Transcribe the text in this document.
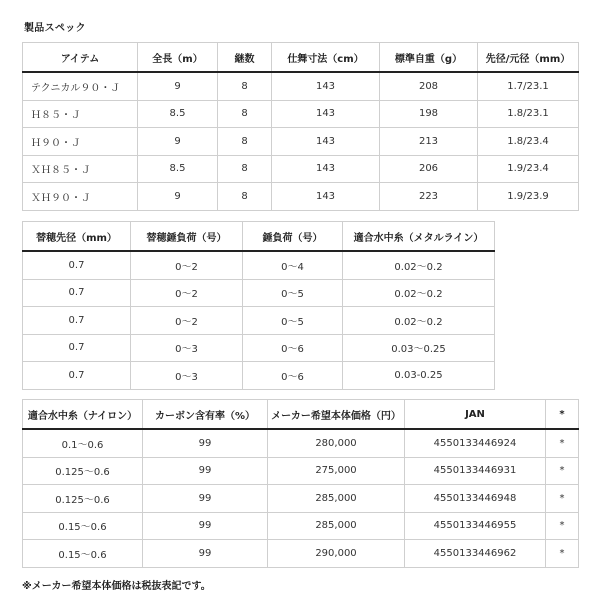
製品スペック
アイテム	全長（m）	継数	仕舞寸法（cm）	標準自重（g）	先径/元径（mm）
テクニカル９０・Ｊ	9	8	143	208	1.7/23.1
Ｈ８５・Ｊ	8.5	8	143	198	1.8/23.1
Ｈ９０・Ｊ	9	8	143	213	1.8/23.4
ＸＨ８５・Ｊ	8.5	8	143	206	1.9/23.4
ＸＨ９０・Ｊ	9	8	143	223	1.9/23.9
替穂先径（mm）	替穂錘負荷（号）	錘負荷（号）	適合水中糸（メタルライン）
0.7	0〜2	0〜4	0.02〜0.2
0.7	0〜2	0〜5	0.02〜0.2
0.7	0〜2	0〜5	0.02〜0.2
0.7	0〜3	0〜6	0.03〜0.25
0.7	0〜3	0〜6	0.03-0.25
適合水中糸（ナイロン）	カーボン含有率（%）	メーカー希望本体価格（円）	JAN	*
0.1〜0.6	99	280,000	4550133446924	*
0.125〜0.6	99	275,000	4550133446931	*
0.125〜0.6	99	285,000	4550133446948	*
0.15〜0.6	99	285,000	4550133446955	*
0.15〜0.6	99	290,000	4550133446962	*
※メーカー希望本体価格は税抜表記です。
